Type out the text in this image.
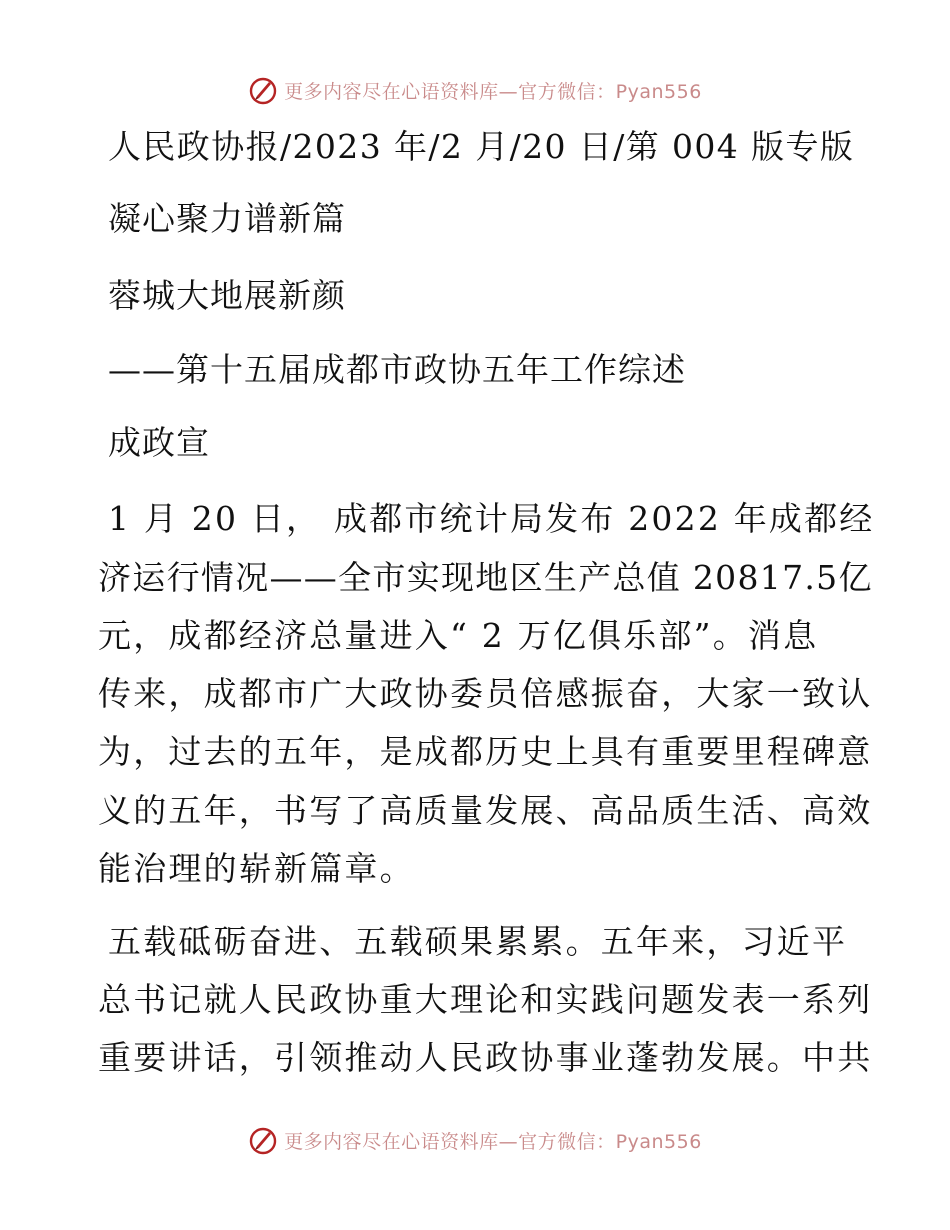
更多内容尽在心语资料库—官方微信：Pyan556
人民政协报/2023 年/2 月/20 日/第 004 版专版
凝心聚力谱新篇
蓉城大地展新颜
——第十五届成都市政协五年工作综述
成政宣
1 月 20 日， 成都市统计局发布 2022 年成都经
济运行情况——全市实现地区生产总值 20817.5亿
元，成都经济总量进入“ 2 万亿俱乐部”。消息
传来，成都市广大政协委员倍感振奋，大家一致认
为，过去的五年，是成都历史上具有重要里程碑意
义的五年，书写了高质量发展、高品质生活、高效
能治理的崭新篇章。
五载砥砺奋进、五载硕果累累。五年来，习近平
总书记就人民政协重大理论和实践问题发表一系列
重要讲话，引领推动人民政协事业蓬勃发展。中共
更多内容尽在心语资料库—官方微信：Pyan556
